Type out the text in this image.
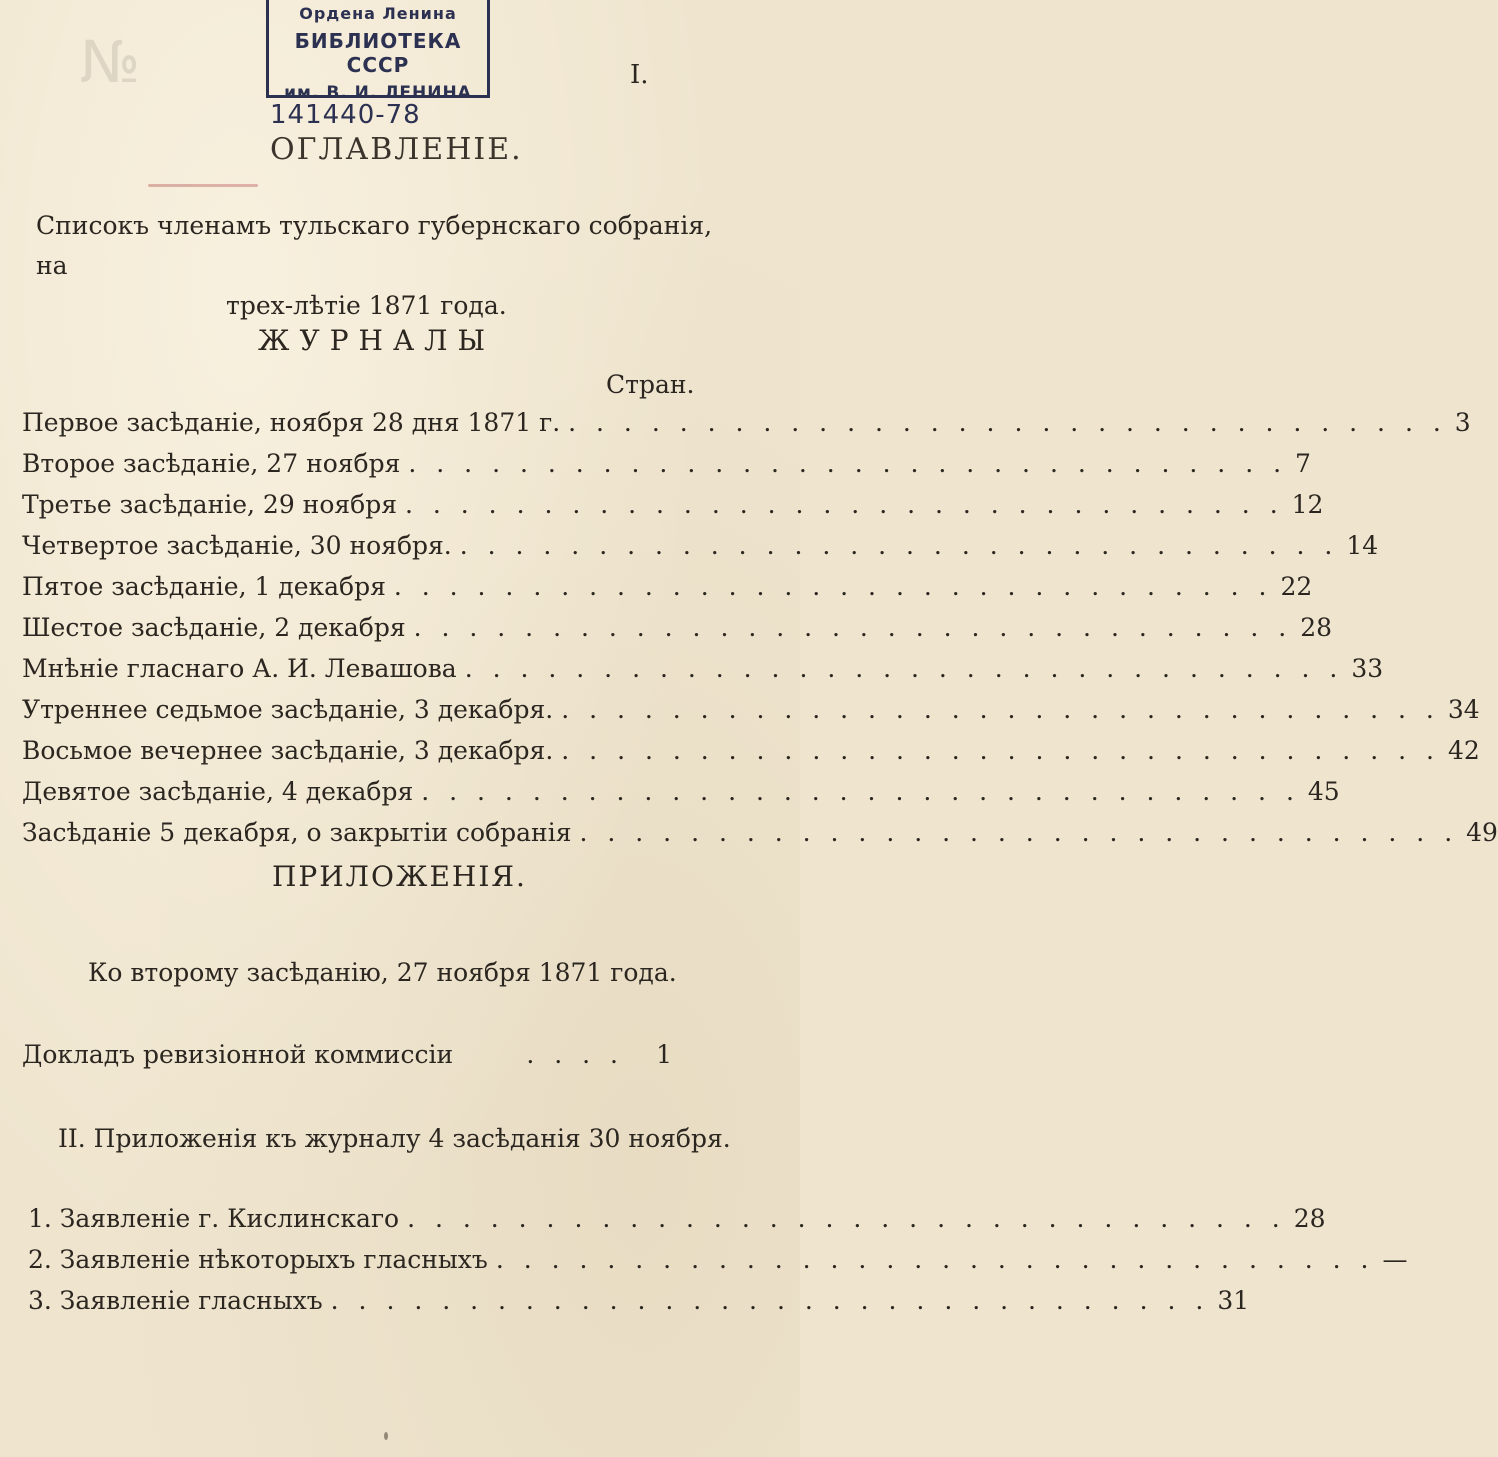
№
Ордена Ленина
БИБЛИОТЕКА СССР
им. В. И. ЛЕНИНА
141440-78
I.
ОГЛАВЛЕНІЕ.
Списокъ членамъ тульскаго губернскаго собранія, на
трех-лѣтіе 1871 года.
ЖУРНАЛЫ
Стран.
Первое засѣданіе, ноября 28 дня 1871 г. . . . . . . . . . . . . . . . . . . . . . . . . . . . . . . . . 3
Второе засѣданіе, 27 ноября . . . . . . . . . . . . . . . . . . . . . . . . . . . . . . . . 7
Третье засѣданіе, 29 ноября . . . . . . . . . . . . . . . . . . . . . . . . . . . . . . . . 12
Четвертое засѣданіе, 30 ноября. . . . . . . . . . . . . . . . . . . . . . . . . . . . . . . . . 14
Пятое засѣданіе, 1 декабря . . . . . . . . . . . . . . . . . . . . . . . . . . . . . . . . 22
Шестое засѣданіе, 2 декабря . . . . . . . . . . . . . . . . . . . . . . . . . . . . . . . . 28
Мнѣніе гласнаго А. И. Левашова . . . . . . . . . . . . . . . . . . . . . . . . . . . . . . . . 33
Утреннее седьмое засѣданіе, 3 декабря. . . . . . . . . . . . . . . . . . . . . . . . . . . . . . . . . 34
Восьмое вечернее засѣданіе, 3 декабря. . . . . . . . . . . . . . . . . . . . . . . . . . . . . . . . . 42
Девятое засѣданіе, 4 декабря . . . . . . . . . . . . . . . . . . . . . . . . . . . . . . . . 45
Засѣданіе 5 декабря, о закрытіи собранія . . . . . . . . . . . . . . . . . . . . . . . . . . . . . . . . 49
ПРИЛОЖЕНІЯ.
Ко второму засѣданію, 27 ноября 1871 года.
Докладъ ревизіонной коммиссіи	. . . .	1
II. Приложенія къ журналу 4 засѣданія 30 ноября.
1. Заявленіе г. Кислинскаго . . . . . . . . . . . . . . . . . . . . . . . . . . . . . . . . 28
2. Заявленіе нѣкоторыхъ гласныхъ . . . . . . . . . . . . . . . . . . . . . . . . . . . . . . . . —
3. Заявленіе гласныхъ . . . . . . . . . . . . . . . . . . . . . . . . . . . . . . . . 31
